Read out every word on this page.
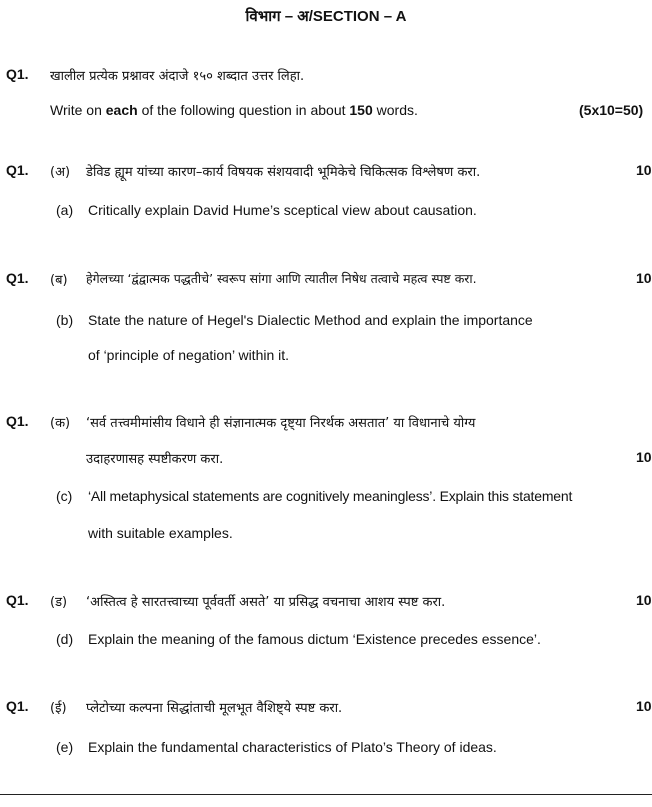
विभाग – अ/SECTION – A
Q1. खालील प्रत्येक प्रश्नावर अंदाजे १५० शब्दात उत्तर लिहा.
Write on each of the following question in about 150 words.	(5x10=50)
Q1. (अ) डेविड ह्यूम यांच्या कारण–कार्य विषयक संशयवादी भूमिकेचे चिकित्सक विश्लेषण करा.	10
(a) Critically explain David Hume’s sceptical view about causation.
Q1. (ब) हेगेलच्या ‘द्वंद्वात्मक पद्धतीचे’ स्वरूप सांगा आणि त्यातील निषेध तत्वाचे महत्व स्पष्ट करा.	10
(b) State the nature of Hegel's Dialectic Method and explain the importance
of ‘principle of negation’ within it.
Q1. (क) ‘सर्व तत्त्वमीमांसीय विधाने ही संज्ञानात्मक दृष्ट्या निरर्थक असतात’ या विधानाचे योग्य
उदाहरणासह स्पष्टीकरण करा.	10
(c) ‘All metaphysical statements are cognitively meaningless’. Explain this statement
with suitable examples.
Q1. (ड) ‘अस्तित्व हे सारतत्त्वाच्या पूर्ववर्ती असते’ या प्रसिद्ध वचनाचा आशय स्पष्ट करा.	10
(d) Explain the meaning of the famous dictum ‘Existence precedes essence’.
Q1. (ई) प्लेटोच्या कल्पना सिद्धांताची मूलभूत वैशिष्ट्ये स्पष्ट करा.	10
(e) Explain the fundamental characteristics of Plato’s Theory of ideas.
